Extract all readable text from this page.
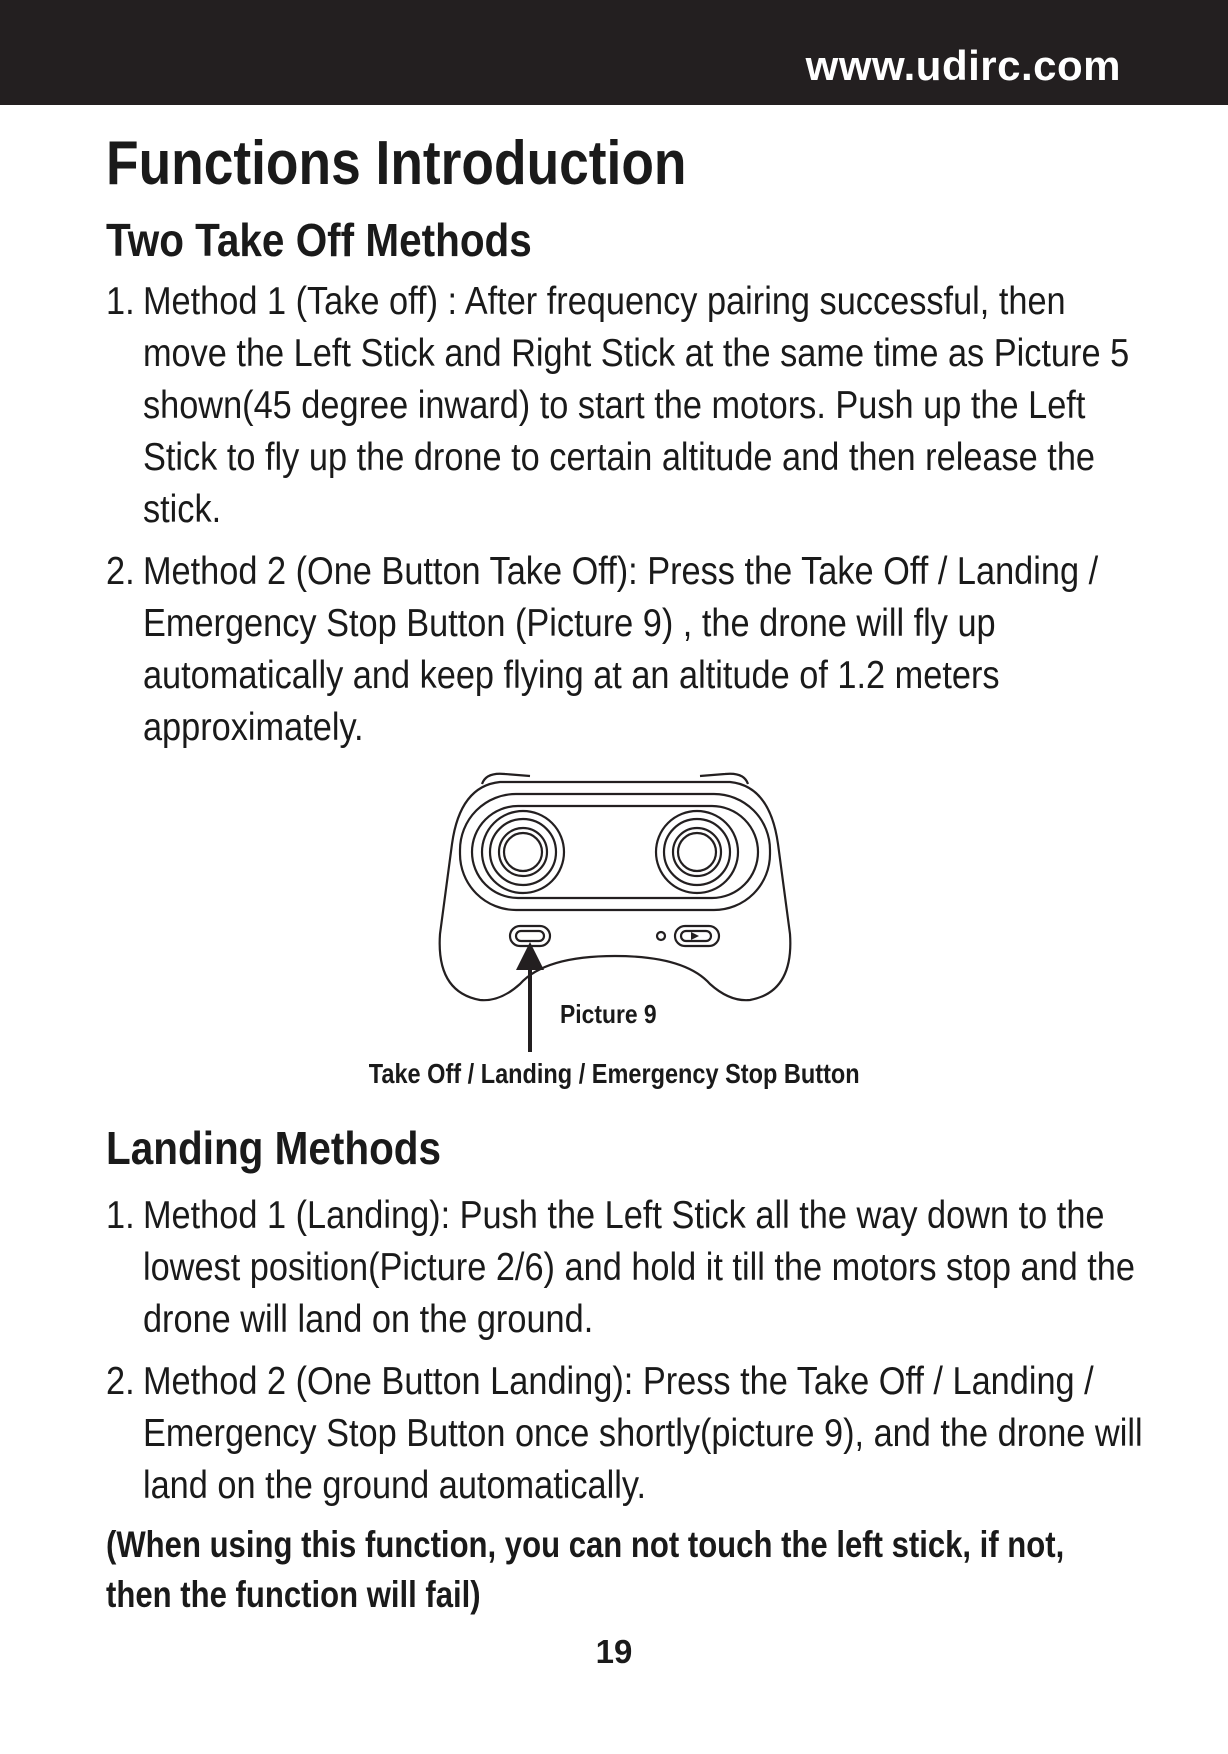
www.udirc.com
Functions Introduction
Two Take Off Methods
1. Method 1 (Take off) : After frequency pairing successful, then move the Left Stick and Right Stick at the same time as Picture 5 shown(45 degree inward) to start the motors. Push up the Left Stick to fly up the drone to certain altitude and then release the stick.
2. Method 2 (One Button Take Off): Press the Take Off / Landing / Emergency Stop Button (Picture 9) , the drone will fly up automatically and keep flying at an altitude of 1.2 meters approximately.
Picture 9
Take Off / Landing / Emergency Stop Button
Landing Methods
1. Method 1 (Landing): Push the Left Stick all the way down to the lowest position(Picture 2/6) and hold it till the motors stop and the drone will land on the ground.
2. Method 2 (One Button Landing): Press the Take Off / Landing / Emergency Stop Button once shortly(picture 9), and the drone will land on the ground automatically.

(When using this function, you can not touch the left stick, if not, then the function will fail)

19
